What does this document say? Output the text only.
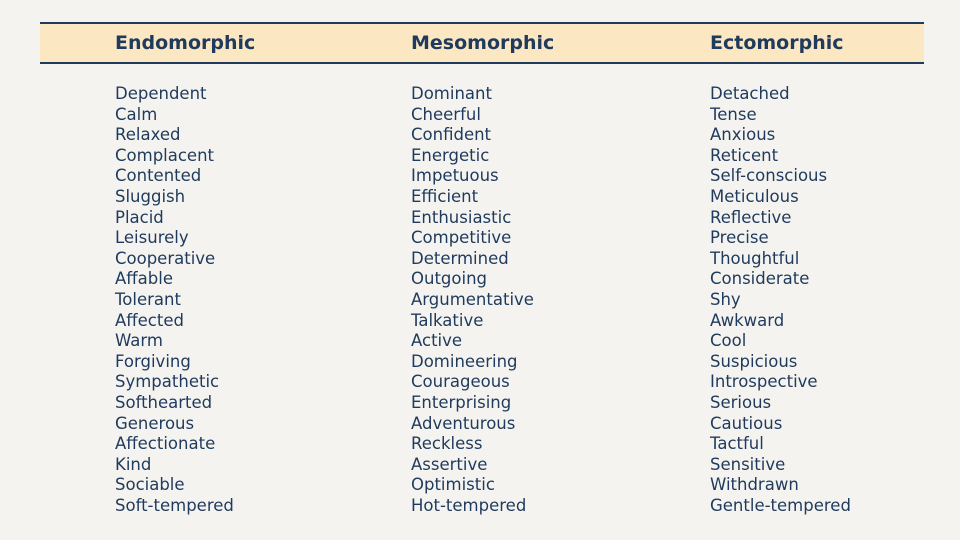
Endomorphic	Mesomorphic	Ectomorphic
Dependent
Calm
Relaxed
Complacent
Contented
Sluggish
Placid
Leisurely
Cooperative
Affable
Tolerant
Affected
Warm
Forgiving
Sympathetic
Softhearted
Generous
Affectionate
Kind
Sociable
Soft-tempered
Dominant
Cheerful
Confident
Energetic
Impetuous
Efficient
Enthusiastic
Competitive
Determined
Outgoing
Argumentative
Talkative
Active
Domineering
Courageous
Enterprising
Adventurous
Reckless
Assertive
Optimistic
Hot-tempered
Detached
Tense
Anxious
Reticent
Self-conscious
Meticulous
Reflective
Precise
Thoughtful
Considerate
Shy
Awkward
Cool
Suspicious
Introspective
Serious
Cautious
Tactful
Sensitive
Withdrawn
Gentle-tempered
